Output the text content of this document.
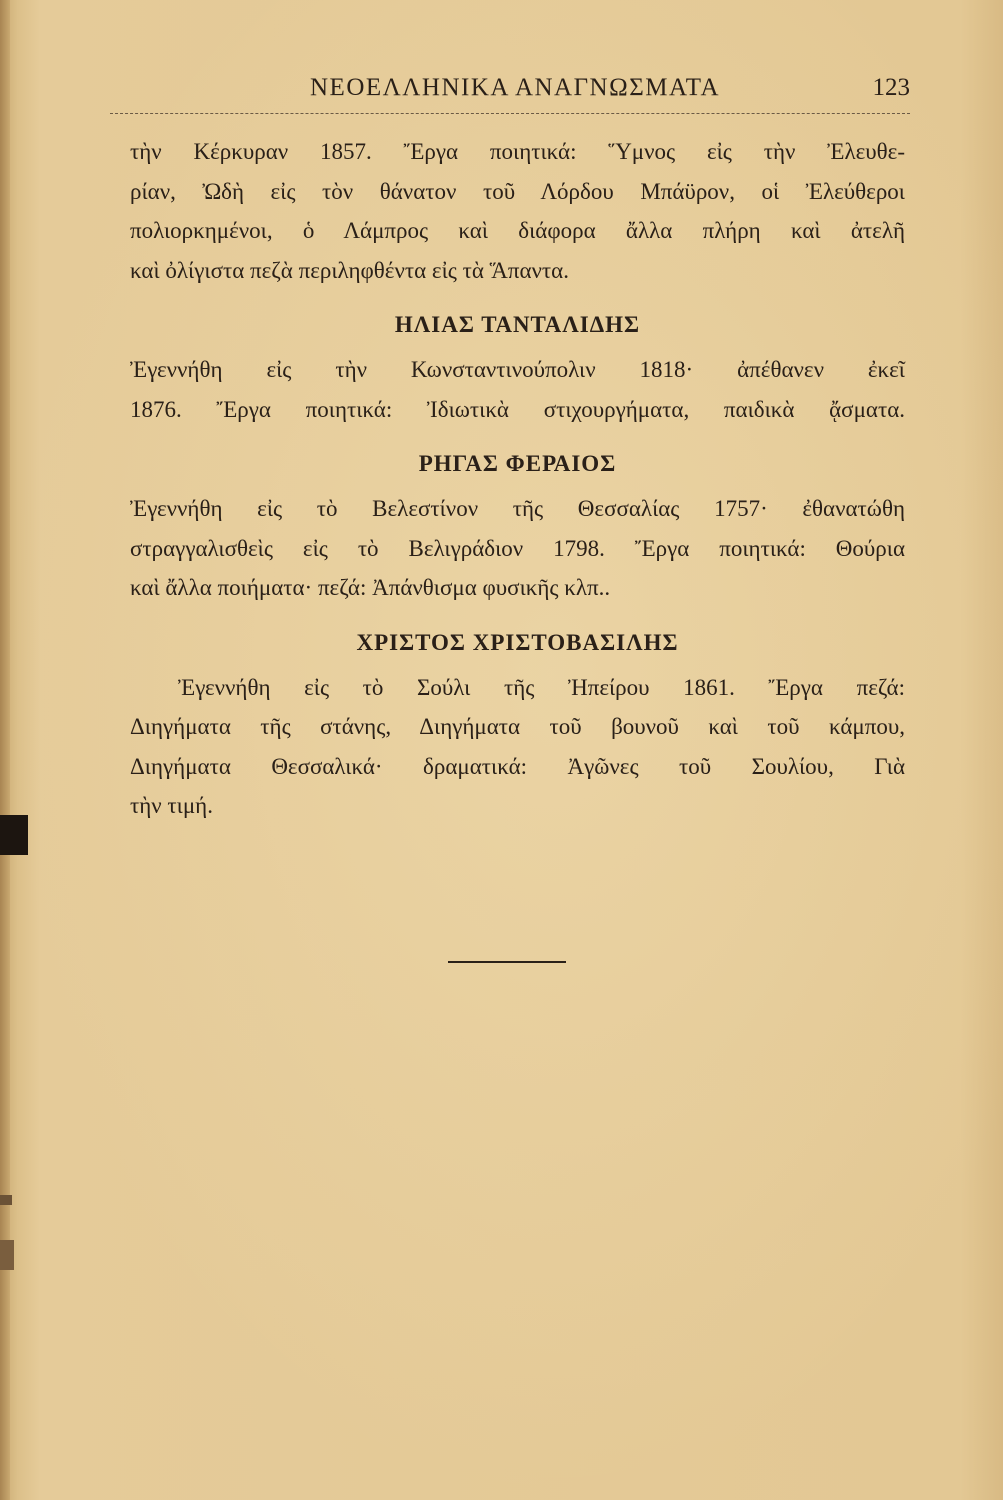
ΝΕΟΕΛΛΗΝΙΚΑ ΑΝΑΓΝΩΣΜΑΤΑ	123

τὴν Κέρκυραν 1857. Ἔργα ποιητικά: Ὕμνος εἰς τὴν Ἐλευθε-
ρίαν, Ὠδὴ εἰς τὸν θάνατον τοῦ Λόρδου Μπάϋρον, οἱ Ἐλεύθεροι
πολιορκημένοι, ὁ Λάμπρος καὶ διάφορα ἄλλα πλήρη καὶ ἀτελῆ
καὶ ὀλίγιστα πεζὰ περιληφθέντα εἰς τὰ Ἅπαντα.

ΗΛΙΑΣ ΤΑΝΤΑΛΙΔΗΣ

Ἐγεννήθη εἰς τὴν Κωνσταντινούπολιν 1818· ἀπέθανεν ἐκεῖ
1876. Ἔργα ποιητικά: Ἰδιωτικὰ στιχουργήματα, παιδικὰ ᾄσματα.

ΡΗΓΑΣ ΦΕΡΑΙΟΣ

Ἐγεννήθη εἰς τὸ Βελεστίνον τῆς Θεσσαλίας 1757· ἐθανατώθη
στραγγαλισθεὶς εἰς τὸ Βελιγράδιον 1798. Ἔργα ποιητικά: Θούρια
καὶ ἄλλα ποιήματα· πεζά: Ἀπάνθισμα φυσικῆς κλπ..

ΧΡΙΣΤΟΣ ΧΡΙΣΤΟΒΑΣΙΛΗΣ

Ἐγεννήθη εἰς τὸ Σούλι τῆς Ἠπείρου 1861. Ἔργα πεζά:
Διηγήματα τῆς στάνης, Διηγήματα τοῦ βουνοῦ καὶ τοῦ κάμπου,
Διηγήματα Θεσσαλικά· δραματικά: Ἀγῶνες τοῦ Σουλίου, Γιὰ
τὴν τιμή.
